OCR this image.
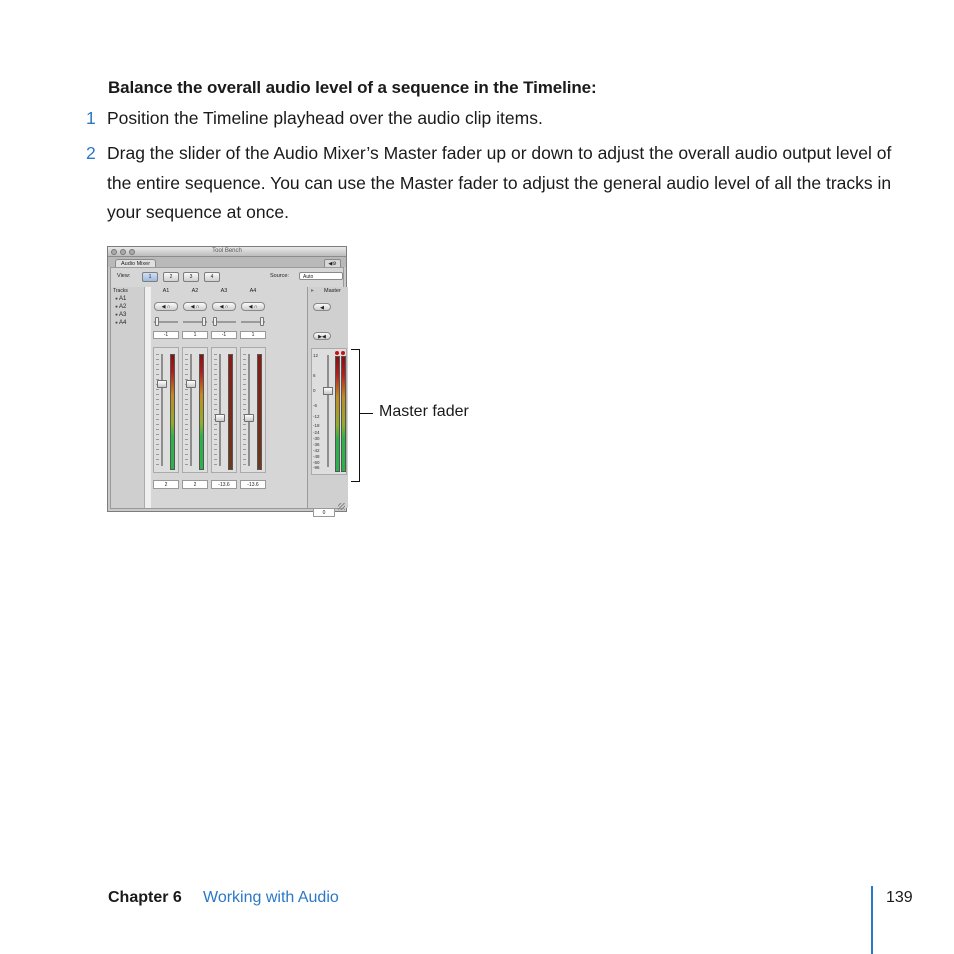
Balance the overall audio level of a sequence in the Timeline:
1 Position the Timeline playhead over the audio clip items.
2 Drag the slider of the Audio Mixer’s Master fader up or down to adjust the overall audio output level of the entire sequence. You can use the Master fader to adjust the general audio level of all the tracks in your sequence at once.
Tool Bench
Audio Mixer	◀⚙
View:	1	2	3	4	Source:	Auto
Tracks
● A1
● A2
● A3
● A4
A1
◀ ∩
-1
2
A2
◀ ∩
1
2
A3
◀ ∩
-1
-13.6
A4
◀ ∩
1
-13.6
▸ Master
◀
▶◀
12
6
0
-6
-12
-18
-24
-30
-36
-42
-48
-60
-96
0
Master fader
Chapter 6 Working with Audio	139
